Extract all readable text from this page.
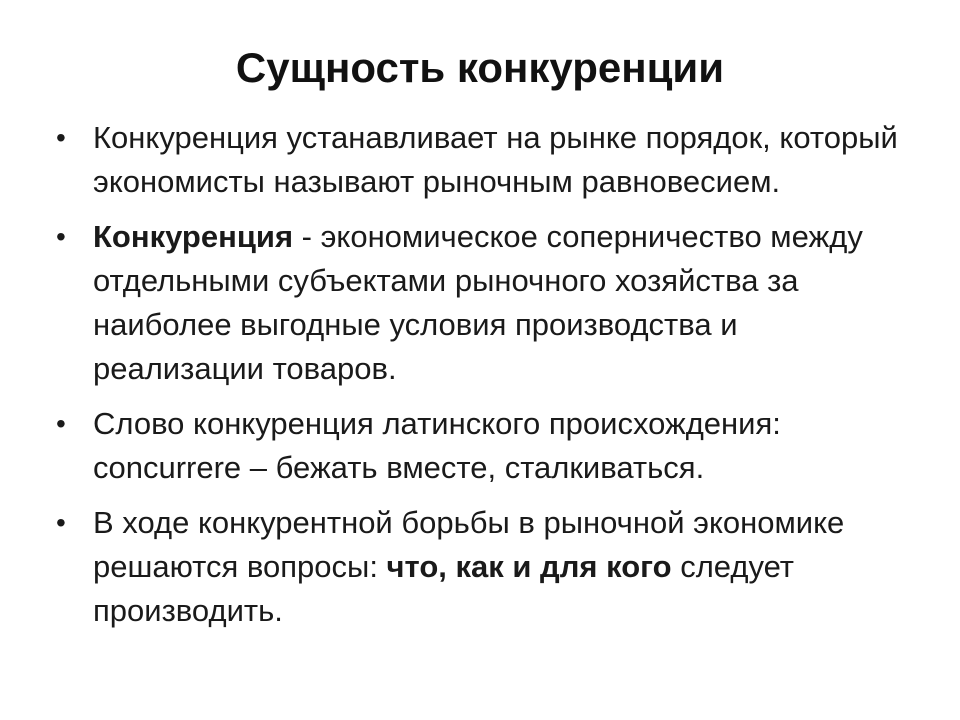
Сущность конкуренции
• Конкуренция устанавливает на рынке порядок, который экономисты называют рыночным равновесием.
• Конкуренция - экономическое соперничество между отдельными субъектами рыночного хозяйства за наиболее выгодные условия производства и реализации товаров.
• Слово конкуренция латинского происхождения: concurrere – бежать вместе, сталкиваться.
• В ходе конкурентной борьбы в рыночной экономике решаются вопросы: что, как и для кого следует производить.
